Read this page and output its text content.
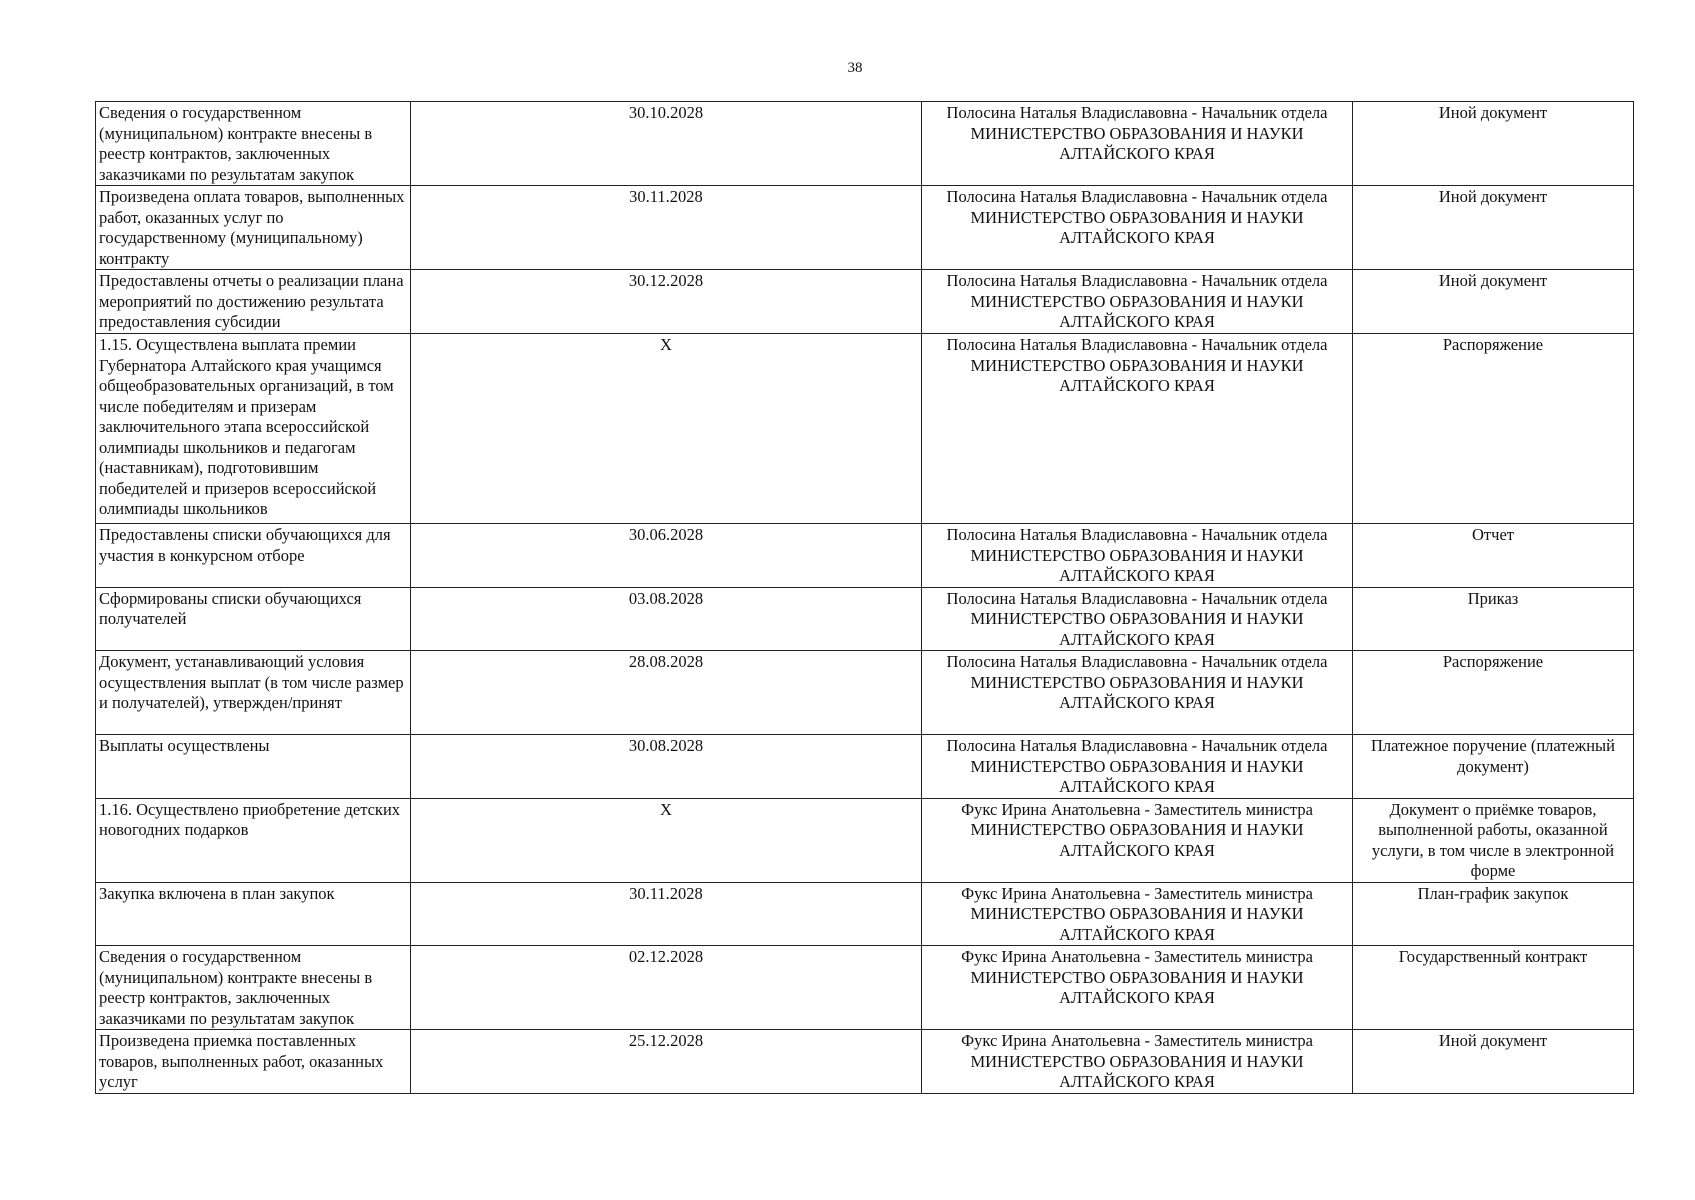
38
Сведения о государственном (муниципальном) контракте внесены в реестр контрактов, заключенных заказчиками по результатам закупок	30.10.2028	Полосина Наталья Владиславовна - Начальник отдела
МИНИСТЕРСТВО ОБРАЗОВАНИЯ И НАУКИ АЛТАЙСКОГО КРАЯ	Иной документ
Произведена оплата товаров, выполненных работ, оказанных услуг по государственному (муниципальному) контракту	30.11.2028	Полосина Наталья Владиславовна - Начальник отдела
МИНИСТЕРСТВО ОБРАЗОВАНИЯ И НАУКИ АЛТАЙСКОГО КРАЯ	Иной документ
Предоставлены отчеты о реализации плана мероприятий по достижению результата предоставления субсидии	30.12.2028	Полосина Наталья Владиславовна - Начальник отдела
МИНИСТЕРСТВО ОБРАЗОВАНИЯ И НАУКИ АЛТАЙСКОГО КРАЯ	Иной документ
1.15. Осуществлена выплата премии Губернатора Алтайского края учащимся общеобразовательных организаций, в том числе победителям и призерам заключительного этапа всероссийской олимпиады школьников и педагогам (наставникам), подготовившим победителей и призеров всероссийской олимпиады школьников	X	Полосина Наталья Владиславовна - Начальник отдела
МИНИСТЕРСТВО ОБРАЗОВАНИЯ И НАУКИ АЛТАЙСКОГО КРАЯ	Распоряжение
Предоставлены списки обучающихся для участия в конкурсном отборе	30.06.2028	Полосина Наталья Владиславовна - Начальник отдела
МИНИСТЕРСТВО ОБРАЗОВАНИЯ И НАУКИ АЛТАЙСКОГО КРАЯ	Отчет
Сформированы списки обучающихся получателей	03.08.2028	Полосина Наталья Владиславовна - Начальник отдела
МИНИСТЕРСТВО ОБРАЗОВАНИЯ И НАУКИ АЛТАЙСКОГО КРАЯ	Приказ
Документ, устанавливающий условия осуществления выплат (в том числе размер и получателей), утвержден/принят	28.08.2028	Полосина Наталья Владиславовна - Начальник отдела
МИНИСТЕРСТВО ОБРАЗОВАНИЯ И НАУКИ АЛТАЙСКОГО КРАЯ	Распоряжение
Выплаты осуществлены	30.08.2028	Полосина Наталья Владиславовна - Начальник отдела
МИНИСТЕРСТВО ОБРАЗОВАНИЯ И НАУКИ АЛТАЙСКОГО КРАЯ	Платежное поручение (платежный документ)
1.16. Осуществлено приобретение детских новогодних подарков	X	Фукс Ирина Анатольевна - Заместитель министра
МИНИСТЕРСТВО ОБРАЗОВАНИЯ И НАУКИ АЛТАЙСКОГО КРАЯ	Документ о приёмке товаров, выполненной работы, оказанной услуги, в том числе в электронной форме
Закупка включена в план закупок	30.11.2028	Фукс Ирина Анатольевна - Заместитель министра
МИНИСТЕРСТВО ОБРАЗОВАНИЯ И НАУКИ АЛТАЙСКОГО КРАЯ	План-график закупок
Сведения о государственном (муниципальном) контракте внесены в реестр контрактов, заключенных заказчиками по результатам закупок	02.12.2028	Фукс Ирина Анатольевна - Заместитель министра
МИНИСТЕРСТВО ОБРАЗОВАНИЯ И НАУКИ АЛТАЙСКОГО КРАЯ	Государственный контракт
Произведена приемка поставленных товаров, выполненных работ, оказанных услуг	25.12.2028	Фукс Ирина Анатольевна - Заместитель министра
МИНИСТЕРСТВО ОБРАЗОВАНИЯ И НАУКИ АЛТАЙСКОГО КРАЯ	Иной документ
